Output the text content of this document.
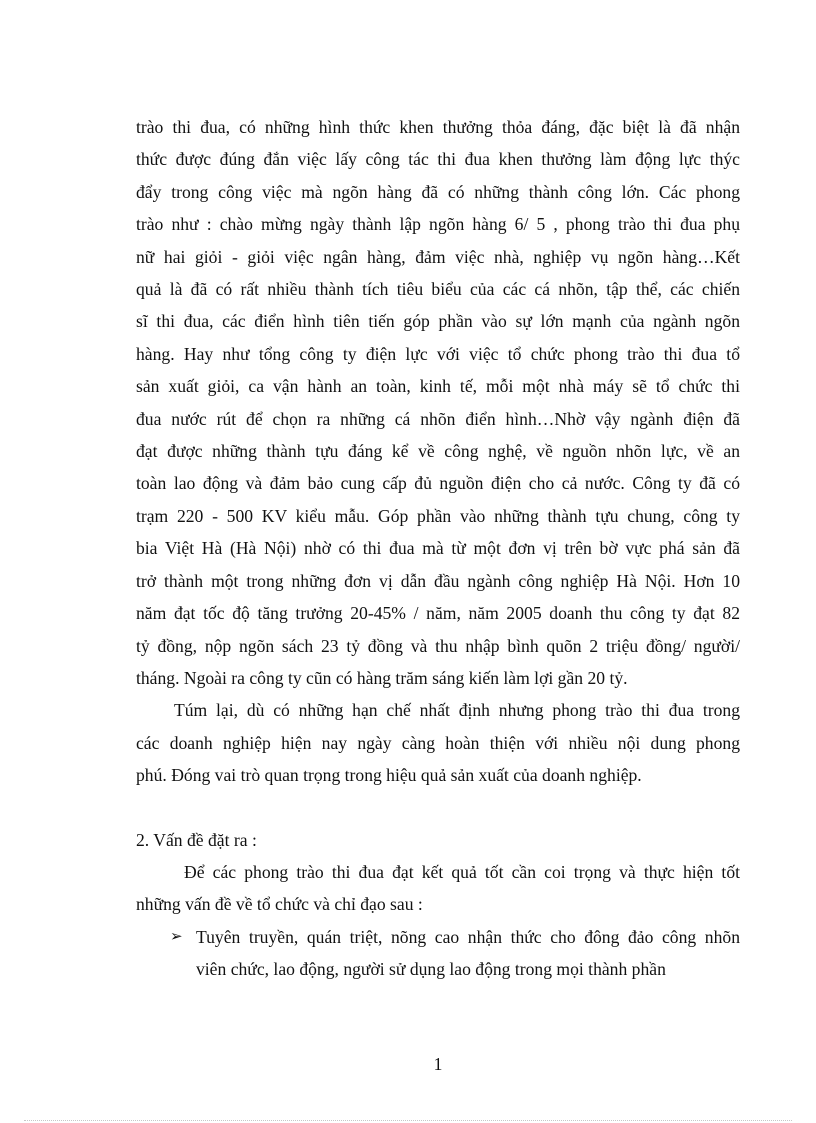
trào thi đua, có những hình thức khen thưởng thỏa đáng, đặc biệt là đã nhận
thức được đúng đắn việc lấy công tác thi đua khen thưởng làm động lực thýc
đẩy trong công việc mà ngõn hàng đã có những thành công lớn. Các phong
trào như : chào mừng ngày thành lập ngõn hàng 6/ 5 , phong trào thi đua phụ
nữ hai giỏi - giỏi việc ngân hàng, đảm việc nhà, nghiệp vụ ngõn hàng…Kết
quả là đã có rất nhiều thành tích tiêu biểu của các cá nhõn, tập thể, các chiến
sĩ thi đua, các điển hình tiên tiến góp phần vào sự lớn mạnh của ngành ngõn
hàng. Hay như tổng công ty điện lực với việc tổ chức phong trào thi đua tổ
sản xuất giỏi, ca vận hành an toàn, kinh tế, mỗi một nhà máy sẽ tổ chức thi
đua nước rút để chọn ra những cá nhõn điển hình…Nhờ vậy ngành điện đã
đạt được những thành tựu đáng kể về công nghệ, về nguồn nhõn lực, về an
toàn lao động và đảm bảo cung cấp đủ nguồn điện cho cả nước. Công ty đã có
trạm 220 - 500 KV kiểu mẫu. Góp phần vào những thành tựu chung, công ty
bia Việt Hà (Hà Nội) nhờ có thi đua mà từ một đơn vị trên bờ vực phá sản đã
trở thành một trong những đơn vị dẫn đầu ngành công nghiệp Hà Nội. Hơn 10
năm đạt tốc độ tăng trưởng 20-45% / năm, năm 2005 doanh thu công ty đạt 82
tỷ đồng, nộp ngõn sách 23 tỷ đồng và thu nhập bình quõn 2 triệu đồng/ người/
tháng. Ngoài ra công ty cũn có hàng trăm sáng kiến làm lợi gần 20 tỷ.

Túm lại, dù có những hạn chế nhất định nhưng phong trào thi đua trong
các doanh nghiệp hiện nay ngày càng hoàn thiện với nhiều nội dung phong
phú. Đóng vai trò quan trọng trong hiệu quả sản xuất của doanh nghiệp.

2. Vấn đề đặt ra :

Để các phong trào thi đua đạt kết quả tốt cần coi trọng và thực hiện tốt
những vấn đề về tổ chức và chỉ đạo sau :

➢ Tuyên truyền, quán triệt, nõng cao nhận thức cho đông đảo công nhõn
viên chức, lao động, người sử dụng lao động trong mọi thành phần
1
